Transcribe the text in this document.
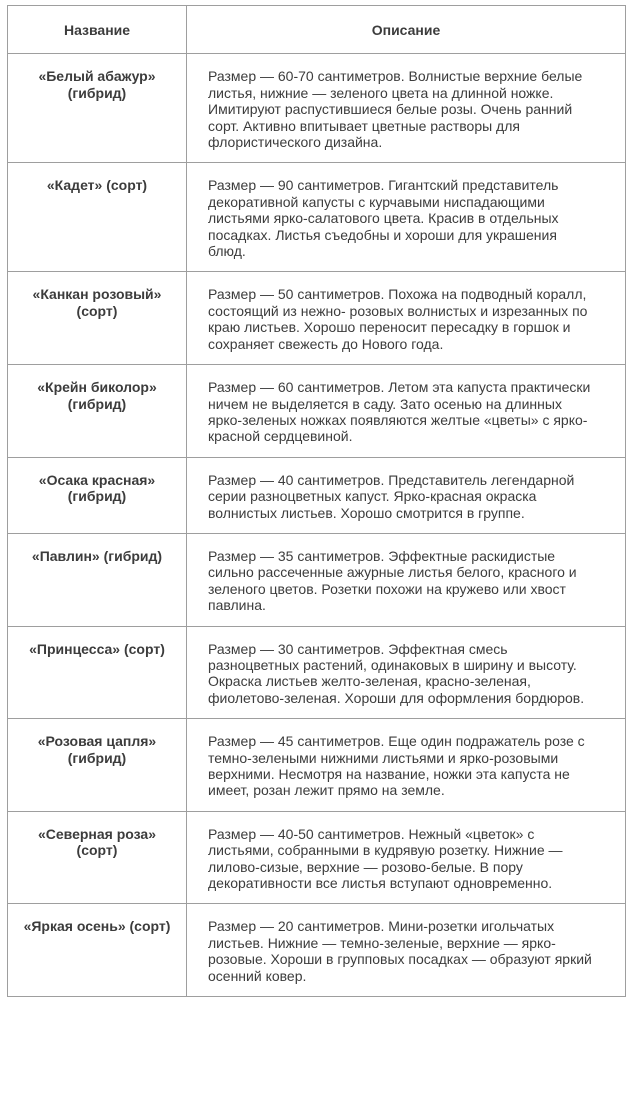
Название	Описание
«Белый абажур» (гибрид)	Размер — 60-70 сантиметров. Волнистые верхние белые листья, нижние — зеленого цвета на длинной ножке. Имитируют распустившиеся белые розы. Очень ранний сорт. Активно впитывает цветные растворы для флористического дизайна.
«Кадет» (сорт)	Размер — 90 сантиметров. Гигантский представитель декоративной капусты с курчавыми ниспадающими листьями ярко-салатового цвета. Красив в отдельных посадках. Листья съедобны и хороши для украшения блюд.
«Канкан розовый» (сорт)	Размер — 50 сантиметров. Похожа на подводный коралл, состоящий из нежно- розовых волнистых и изрезанных по краю листьев. Хорошо переносит пересадку в горшок и сохраняет свежесть до Нового года.
«Крейн биколор» (гибрид)	Размер — 60 сантиметров. Летом эта капуста практически ничем не выделяется в саду. Зато осенью на длинных ярко-зеленых ножках появляются желтые «цветы» с ярко-красной сердцевиной.
«Осака красная» (гибрид)	Размер — 40 сантиметров. Представитель легендарной серии разноцветных капуст. Ярко-красная окраска волнистых листьев. Хорошо смотрится в группе.
«Павлин» (гибрид)	Размер — 35 сантиметров. Эффектные раскидистые сильно рассеченные ажурные листья белого, красного и зеленого цветов. Розетки похожи на кружево или хвост павлина.
«Принцесса» (сорт)	Размер — 30 сантиметров. Эффектная смесь разноцветных растений, одинаковых в ширину и высоту. Окраска листьев желто-зеленая, красно-зеленая, фиолетово-зеленая. Хороши для оформления бордюров.
«Розовая цапля» (гибрид)	Размер — 45 сантиметров. Еще один подражатель розе с темно-зелеными нижними листьями и ярко-розовыми верхними. Несмотря на название, ножки эта капуста не имеет, розан лежит прямо на земле.
«Северная роза» (сорт)	Размер — 40-50 сантиметров. Нежный «цветок» с листьями, собранными в кудрявую розетку. Нижние — лилово-сизые, верхние — розово-белые. В пору декоративности все листья вступают одновременно.
«Яркая осень» (сорт)	Размер — 20 сантиметров. Мини-розетки игольчатых листьев. Нижние — темно-зеленые, верхние — ярко-розовые. Хороши в групповых посадках — образуют яркий осенний ковер.
